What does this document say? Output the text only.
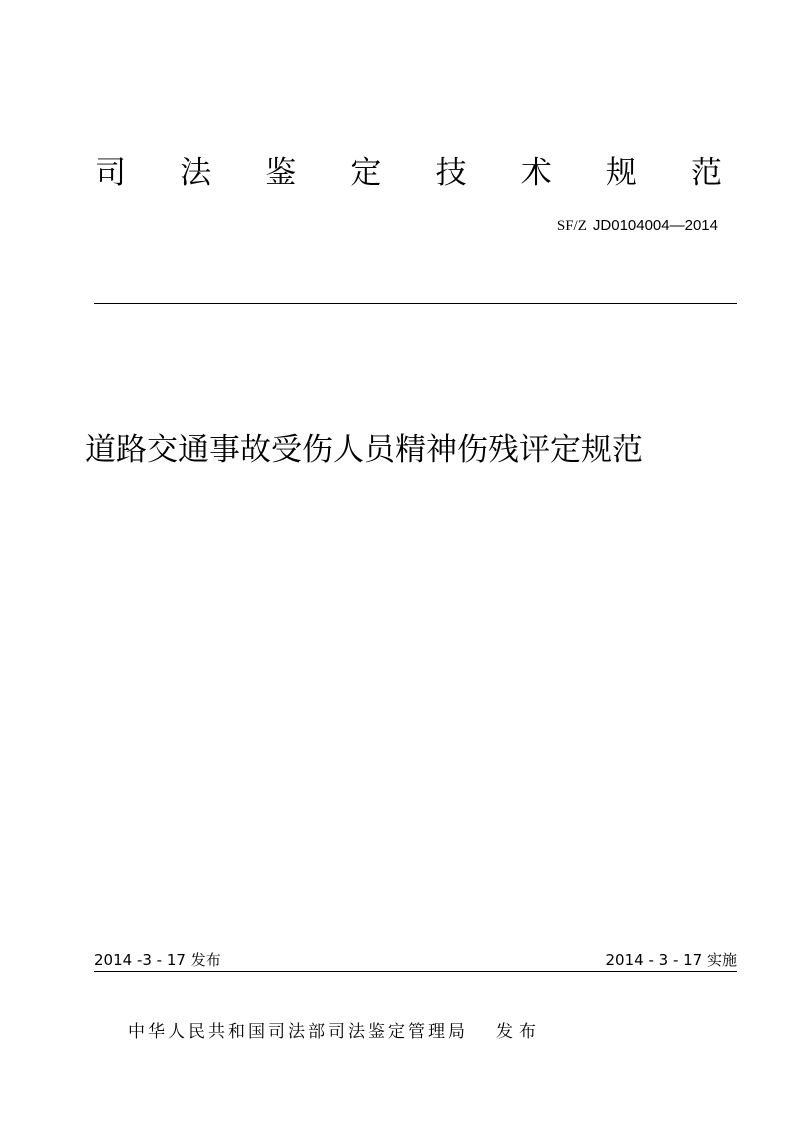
司 法 鉴 定 技 术 规 范
SF/Z JD0104004—2014
道路交通事故受伤人员精神伤残评定规范
2014 -3 - 17 发布	2014 - 3 - 17 实施
中华人民共和国司法部司法鉴定管理局 发布
